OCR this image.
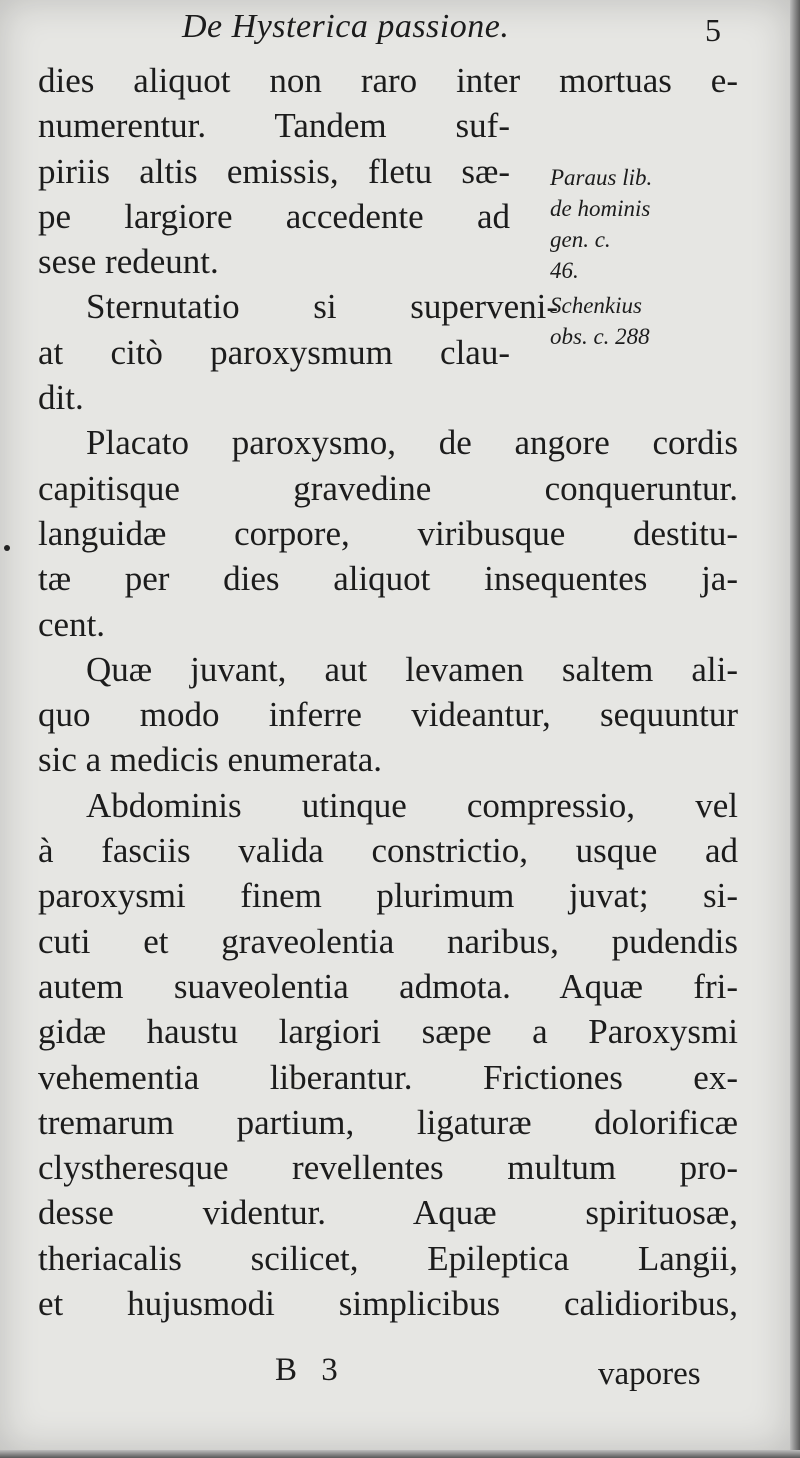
De Hysterica passione.	5
Paraus lib.
de hominis
gen. c.
46.
Schenkius
obs. c. 288
dies aliquot non raro inter mortuas e-
numerentur. Tandem suf-
piriis altis emissis, fletu sæ-
pe largiore accedente ad
sese redeunt.
Sternutatio si superveni-
at citò paroxysmum clau-
dit.
Placato paroxysmo, de angore cordis
capitisque gravedine conqueruntur.
languidæ corpore, viribusque destitu-
tæ per dies aliquot insequentes ja-
cent.
Quæ juvant, aut levamen saltem ali-
quo modo inferre videantur, sequuntur
sic a medicis enumerata.
Abdominis utinque compressio, vel
à fasciis valida constrictio, usque ad
paroxysmi finem plurimum juvat; si-
cuti et graveolentia naribus, pudendis
autem suaveolentia admota. Aquæ fri-
gidæ haustu largiori sæpe a Paroxysmi
vehementia liberantur. Frictiones ex-
tremarum partium, ligaturæ dolorificæ
clystheresque revellentes multum pro-
desse videntur. Aquæ spirituosæ,
theriacalis scilicet, Epileptica Langii,
et hujusmodi simplicibus calidioribus,
B 3	vapores
